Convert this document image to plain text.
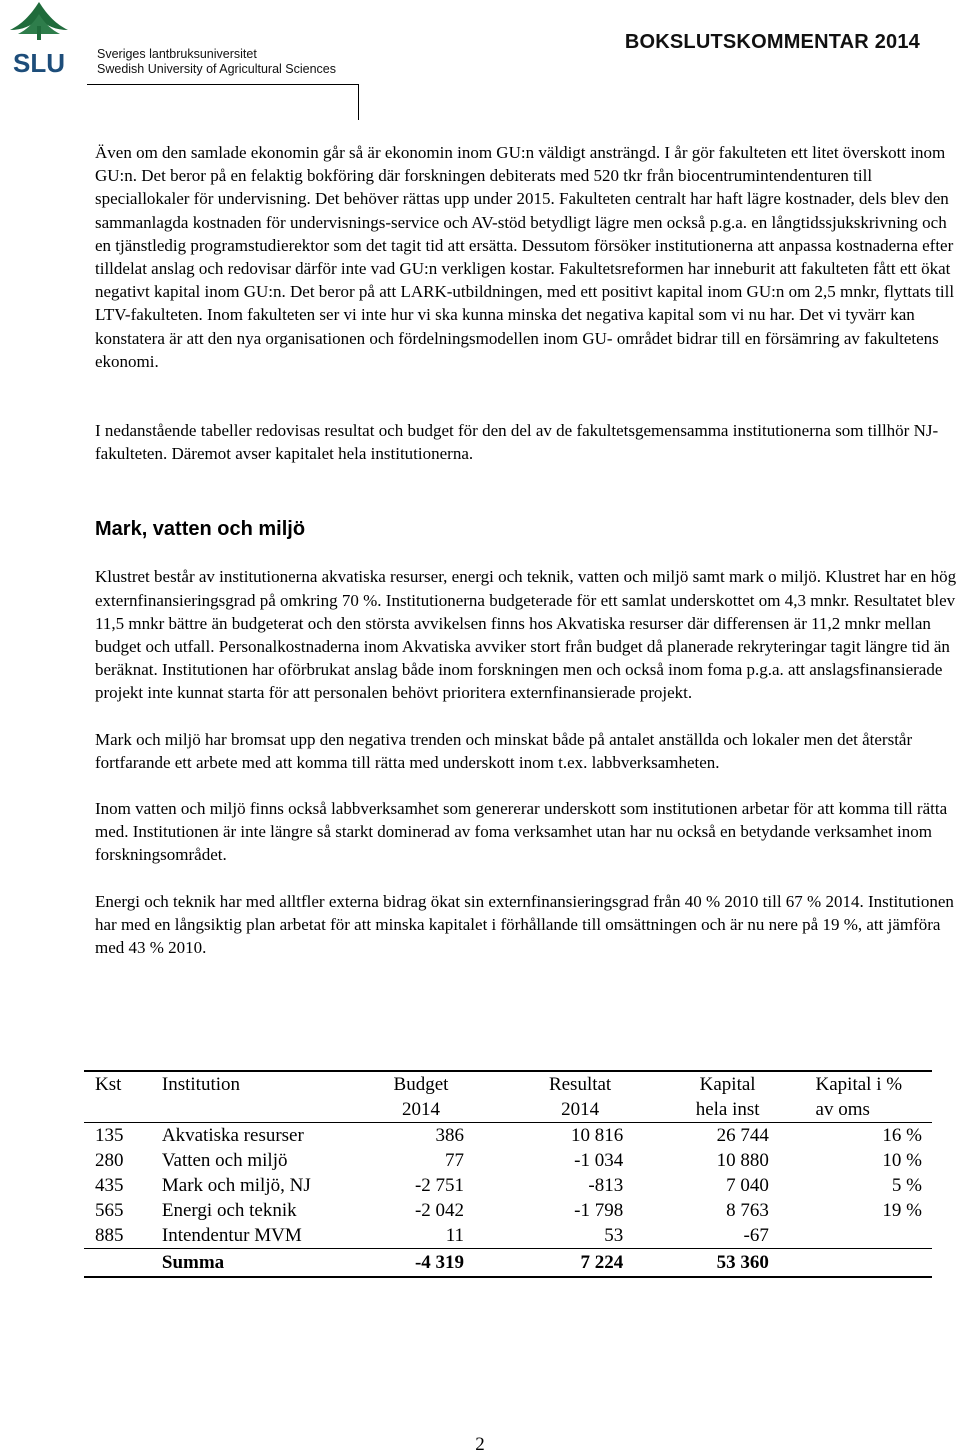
SLU	Sveriges lantbruksuniversitet
Swedish University of Agricultural Sciences
BOKSLUTSKOMMENTAR 2014

Även om den samlade ekonomin går så är ekonomin inom GU:n väldigt ansträngd. I år gör fakulteten ett litet överskott inom GU:n. Det beror på en felaktig bokföring där forskningen debiterats med 520 tkr från biocentrumintendenturen till speciallokaler för undervisning. Det behöver rättas upp under 2015. Fakulteten centralt har haft lägre kostnader, dels blev den sammanlagda kostnaden för undervisnings-service och AV-stöd betydligt lägre men också p.g.a. en långtidssjukskrivning och en tjänstledig programstudierektor som det tagit tid att ersätta. Dessutom försöker institutionerna att anpassa kostnaderna efter tilldelat anslag och redovisar därför inte vad GU:n verkligen kostar. Fakultetsreformen har inneburit att fakulteten fått ett ökat negativt kapital inom GU:n. Det beror på att LARK-utbildningen, med ett positivt kapital inom GU:n om 2,5 mnkr, flyttats till LTV-fakulteten. Inom fakulteten ser vi inte hur vi ska kunna minska det negativa kapital som vi nu har. Det vi tyvärr kan konstatera är att den nya organisationen och fördelningsmodellen inom GU- området bidrar till en försämring av fakultetens ekonomi.

I nedanstående tabeller redovisas resultat och budget för den del av de fakultetsgemensamma institutionerna som tillhör NJ-fakulteten. Däremot avser kapitalet hela institutionerna.

Mark, vatten och miljö

Klustret består av institutionerna akvatiska resurser, energi och teknik, vatten och miljö samt mark o miljö. Klustret har en hög externfinansieringsgrad på omkring 70 %. Institutionerna budgeterade för ett samlat underskottet om 4,3 mnkr. Resultatet blev 11,5 mnkr bättre än budgeterat och den största avvikelsen finns hos Akvatiska resurser där differensen är 11,2 mnkr mellan budget och utfall. Personalkostnaderna inom Akvatiska avviker stort från budget då planerade rekryteringar tagit längre tid än beräknat. Institutionen har oförbrukat anslag både inom forskningen men och också inom foma p.g.a. att anslagsfinansierade projekt inte kunnat starta för att personalen behövt prioritera externfinansierade projekt.

Mark och miljö har bromsat upp den negativa trenden och minskat både på antalet anställda och lokaler men det återstår fortfarande ett arbete med att komma till rätta med underskott inom t.ex. labbverksamheten.

Inom vatten och miljö finns också labbverksamhet som genererar underskott som institutionen arbetar för att komma till rätta med. Institutionen är inte längre så starkt dominerad av foma verksamhet utan har nu också en betydande verksamhet inom forskningsområdet.

Energi och teknik har med alltfler externa bidrag ökat sin externfinansieringsgrad från 40 % 2010 till 67 % 2014. Institutionen har med en långsiktig plan arbetat för att minska kapitalet i förhållande till omsättningen och är nu nere på 19 %, att jämföra med 43 % 2010.

Kst	Institution	Budget		Resultat		Kapital		Kapital i %
		2014		2014		hela inst		av oms
135	Akvatiska resurser	386		10 816		26 744		16 %
280	Vatten och miljö	77		-1 034		10 880		10 %
435	Mark och miljö, NJ	-2 751		-813		7 040		5 %
565	Energi och teknik	-2 042		-1 798		8 763		19 %
885	Intendentur MVM	11		53		-67		
	Summa	-4 319		7 224		53 360		
2
